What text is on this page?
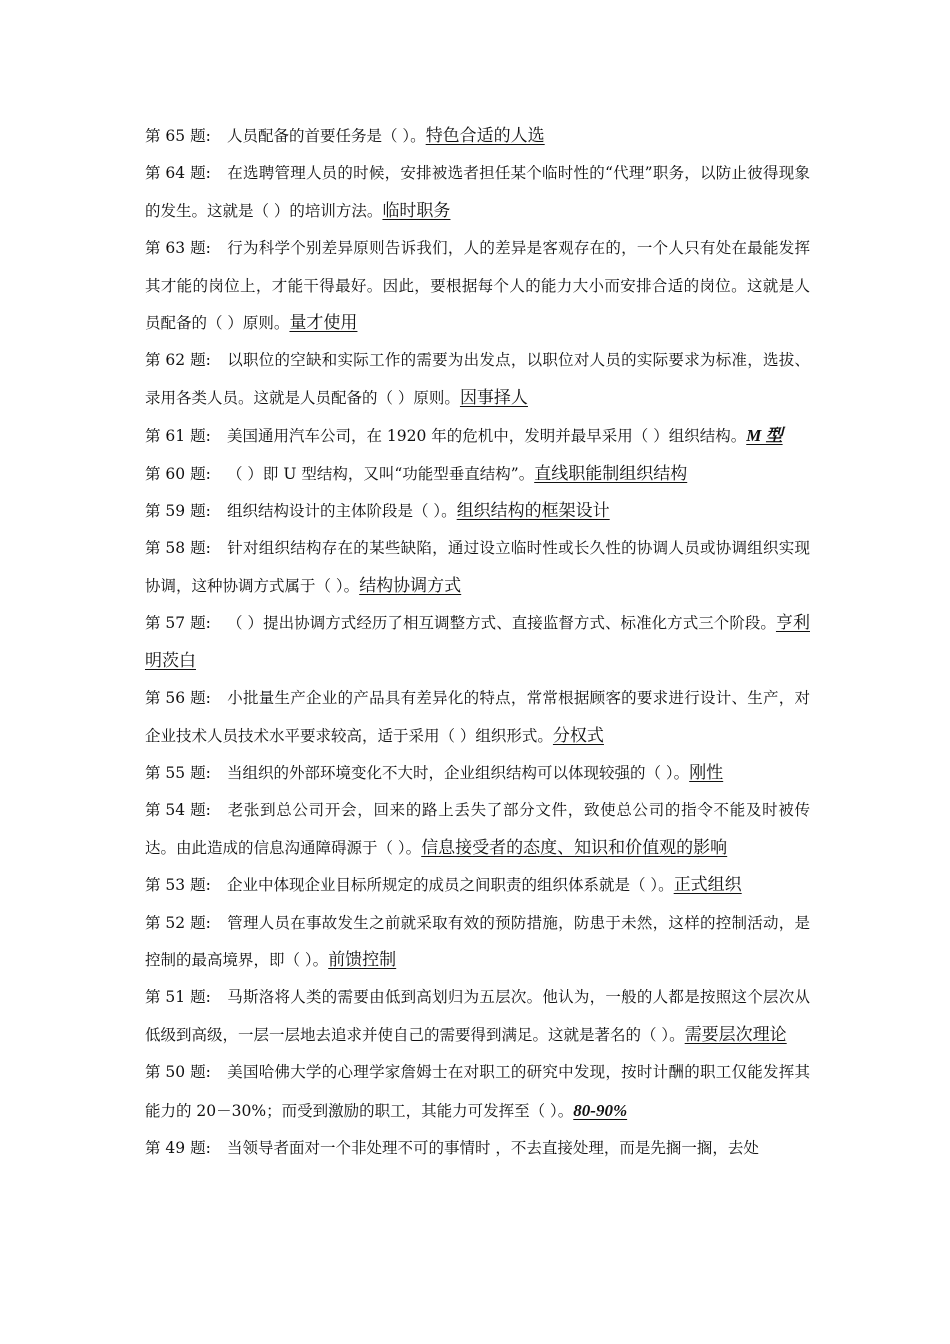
第 65 题: 人员配备的首要任务是（ ）。特色合适的人选

第 64 题: 在选聘管理人员的时候，安排被选者担任某个临时性的“代理”职务，以防止彼得现象的发生。这就是（ ）的培训方法。临时职务

第 63 题: 行为科学个别差异原则告诉我们，人的差异是客观存在的，一个人只有处在最能发挥其才能的岗位上，才能干得最好。因此，要根据每个人的能力大小而安排合适的岗位。这就是人员配备的（ ）原则。量才使用

第 62 题: 以职位的空缺和实际工作的需要为出发点，以职位对人员的实际要求为标准，选拔、录用各类人员。这就是人员配备的（ ）原则。因事择人

第 61 题: 美国通用汽车公司，在 1920 年的危机中，发明并最早采用（ ）组织结构。M 型

第 60 题: （ ）即 U 型结构，又叫“功能型垂直结构”。直线职能制组织结构

第 59 题: 组织结构设计的主体阶段是（ ）。组织结构的框架设计

第 58 题: 针对组织结构存在的某些缺陷，通过设立临时性或长久性的协调人员或协调组织实现协调，这种协调方式属于（ ）。结构协调方式

第 57 题: （ ）提出协调方式经历了相互调整方式、直接监督方式、标准化方式三个阶段。亨利 明茨白

第 56 题: 小批量生产企业的产品具有差异化的特点，常常根据顾客的要求进行设计、生产，对企业技术人员技术水平要求较高，适于采用（ ）组织形式。分权式

第 55 题: 当组织的外部环境变化不大时，企业组织结构可以体现较强的（ ）。刚性

第 54 题: 老张到总公司开会，回来的路上丢失了部分文件，致使总公司的指令不能及时被传达。由此造成的信息沟通障碍源于（ ）。信息接受者的态度、知识和价值观的影响

第 53 题: 企业中体现企业目标所规定的成员之间职责的组织体系就是（ ）。正式组织

第 52 题: 管理人员在事故发生之前就采取有效的预防措施，防患于未然，这样的控制活动，是控制的最高境界，即（ ）。前馈控制

第 51 题: 马斯洛将人类的需要由低到高划归为五层次。他认为，一般的人都是按照这个层次从低级到高级，一层一层地去追求并使自己的需要得到满足。这就是著名的（ ）。需要层次理论

第 50 题: 美国哈佛大学的心理学家詹姆士在对职工的研究中发现，按时计酬的职工仅能发挥其能力的 20－30%；而受到激励的职工，其能力可发挥至（ ）。80-90%

第 49 题: 当领导者面对一个非处理不可的事情时 ，不去直接处理，而是先搁一搁，去处
